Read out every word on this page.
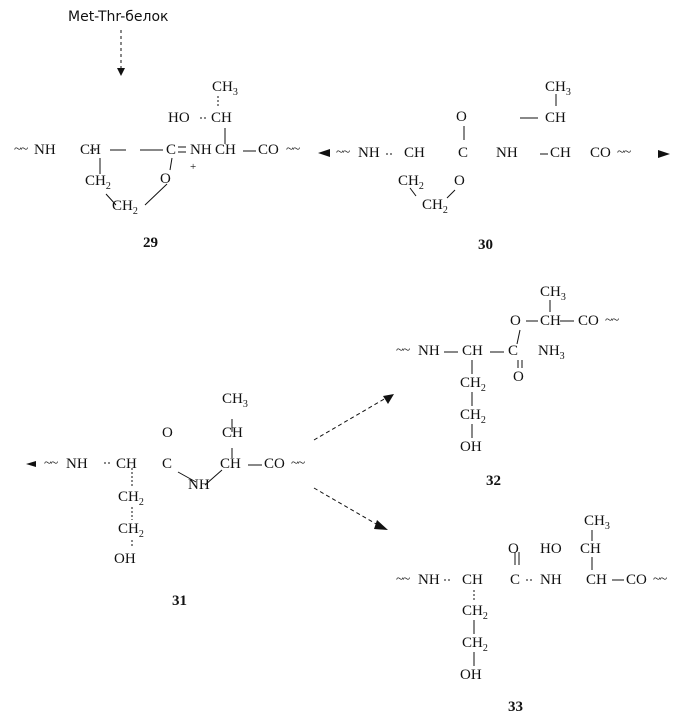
Met-Thr-белок
$CH_3$
HO CH
~~ NH CH	C NH
+
CH CO ~~
$CH_2$	O
$CH_2$
29
$CH_3$
O	CH
~~ NH CH C NH CH CO ~~
$CH_2$ O
$CH_2$
30
$CH_3$
O	CH
~~ NH CH C	CH CO ~~
NH
$CH_2$
$CH_2$
OH
31
$CH_3$
O CH CO ~~
~~ NH CH C $NH_3$
O
$CH_2$
$CH_2$
OH
32
$CH_3$
O HO CH
~~ NH CH C NH CH CO ~~
$CH_2$
$CH_2$
OH
33
